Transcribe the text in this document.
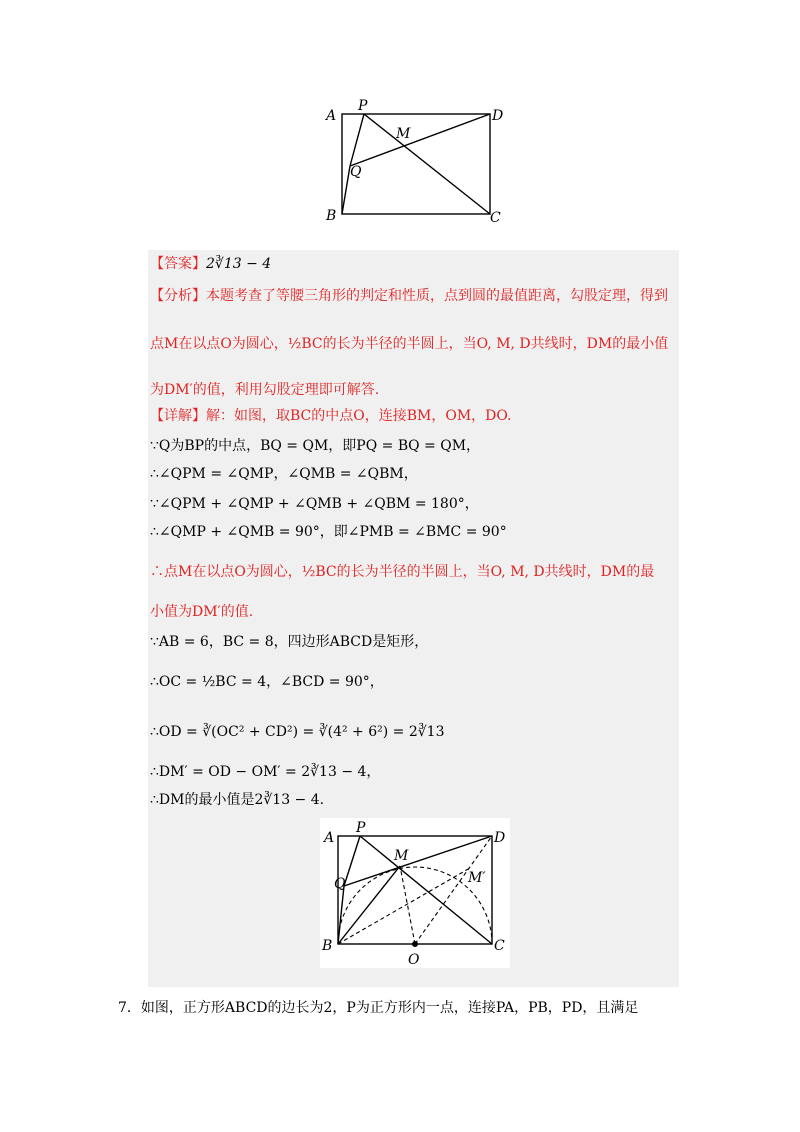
A
P
D
M
Q
B	C
【答案】2∛13 − 4
【分析】本题考查了等腰三角形的判定和性质，点到圆的最值距离，勾股定理，得到
点M在以点O为圆心，½BC的长为半径的半圆上，当O, M, D共线时，DM的最小值
为DM′的值，利用勾股定理即可解答.
【详解】解：如图，取BC的中点O，连接BM，OM，DO.
∵Q为BP的中点，BQ = QM，即PQ = BQ = QM，
∴∠QPM = ∠QMP，∠QMB = ∠QBM，
∵∠QPM + ∠QMP + ∠QMB + ∠QBM = 180°，
∴∠QMP + ∠QMB = 90°，即∠PMB = ∠BMC = 90°
∴点M在以点O为圆心，½BC的长为半径的半圆上，当O, M, D共线时，DM的最
小值为DM′的值.
∵AB = 6，BC = 8，四边形ABCD是矩形，
∴OC = ½BC = 4，∠BCD = 90°，
∴OD = ∛(OC² + CD²) = ∛(4² + 6²) = 2∛13
∴DM′ = OD − OM′ = 2∛13 − 4，
∴DM的最小值是2∛13 − 4.
A
P
D
M
M′
Q
B
O
C
7．如图，正方形ABCD的边长为2，P为正方形内一点，连接PA，PB，PD，且满足
